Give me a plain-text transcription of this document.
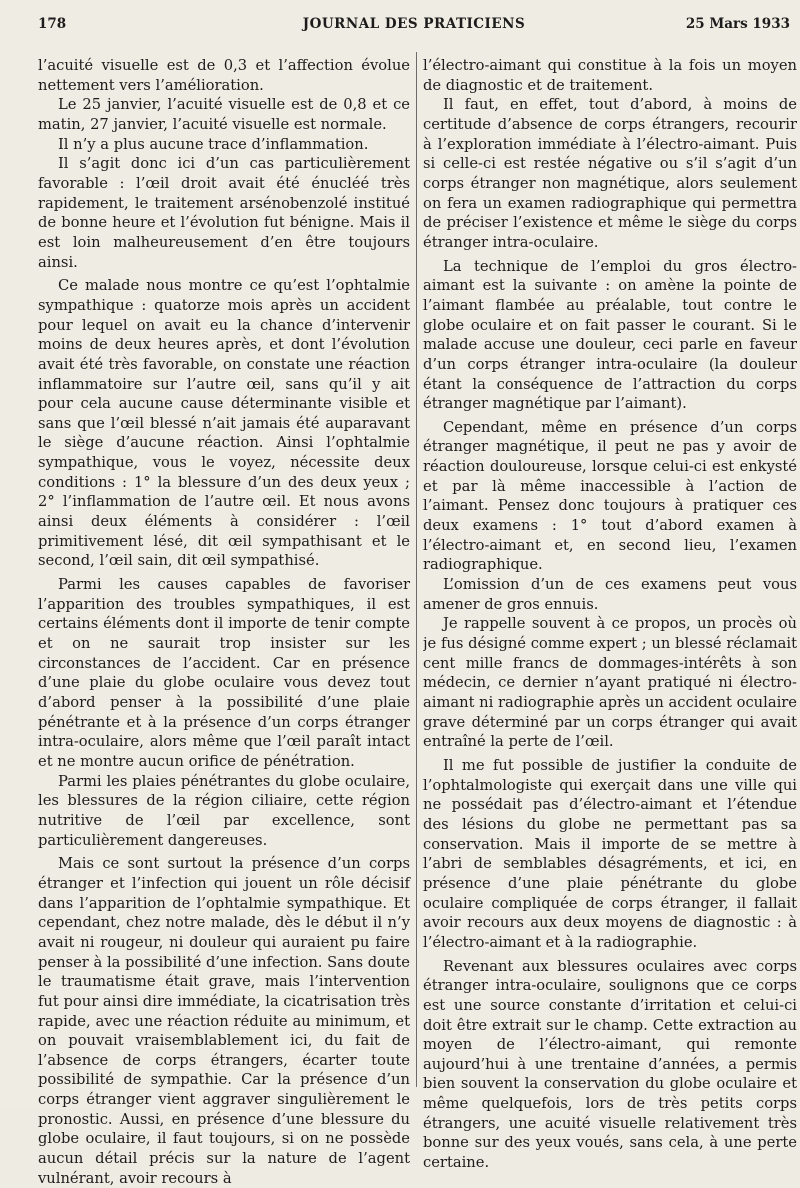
178	JOURNAL DES PRATICIENS	25 Mars 1933

l’acuité visuelle est de 0,3 et l’affection évolue nettement vers l’amélioration.

Le 25 janvier, l’acuité visuelle est de 0,8 et ce matin, 27 janvier, l’acuité visuelle est normale.

Il n’y a plus aucune trace d’inflammation.

Il s’agit donc ici d’un cas particulièrement favorable : l’œil droit avait été énucléé très rapidement, le traitement arsénobenzolé institué de bonne heure et l’évolution fut bénigne. Mais il est loin malheureusement d’en être toujours ainsi.

Ce malade nous montre ce qu’est l’ophtalmie sympathique : quatorze mois après un accident pour lequel on avait eu la chance d’intervenir moins de deux heures après, et dont l’évolution avait été très favorable, on constate une réaction inflammatoire sur l’autre œil, sans qu’il y ait pour cela aucune cause déterminante visible et sans que l’œil blessé n’ait jamais été auparavant le siège d’aucune réaction. Ainsi l’ophtalmie sympathique, vous le voyez, nécessite deux conditions : 1° la blessure d’un des deux yeux ; 2° l’inflammation de l’autre œil. Et nous avons ainsi deux éléments à considérer : l’œil primitivement lésé, dit œil sympathisant et le second, l’œil sain, dit œil sympathisé.

Parmi les causes capables de favoriser l’apparition des troubles sympathiques, il est certains éléments dont il importe de tenir compte et on ne saurait trop insister sur les circonstances de l’accident. Car en présence d’une plaie du globe oculaire vous devez tout d’abord penser à la possibilité d’une plaie pénétrante et à la présence d’un corps étranger intra-oculaire, alors même que l’œil paraît intact et ne montre aucun orifice de pénétration.

Parmi les plaies pénétrantes du globe oculaire, les blessures de la région ciliaire, cette région nutritive de l’œil par excellence, sont particulièrement dangereuses.

Mais ce sont surtout la présence d’un corps étranger et l’infection qui jouent un rôle décisif dans l’apparition de l’ophtalmie sympathique. Et cependant, chez notre malade, dès le début il n’y avait ni rougeur, ni douleur qui auraient pu faire penser à la possibilité d’une infection. Sans doute le traumatisme était grave, mais l’intervention fut pour ainsi dire immédiate, la cicatrisation très rapide, avec une réaction réduite au minimum, et on pouvait vraisemblablement ici, du fait de l’absence de corps étrangers, écarter toute possibilité de sympathie. Car la présence d’un corps étranger vient aggraver singulièrement le pronostic. Aussi, en présence d’une blessure du globe oculaire, il faut toujours, si on ne possède aucun détail précis sur la nature de l’agent vulnérant, avoir recours à

l’électro-aimant qui constitue à la fois un moyen de diagnostic et de traitement.

Il faut, en effet, tout d’abord, à moins de certitude d’absence de corps étrangers, recourir à l’exploration immédiate à l’électro-aimant. Puis si celle-ci est restée négative ou s’il s’agit d’un corps étranger non magnétique, alors seulement on fera un examen radiographique qui permettra de préciser l’existence et même le siège du corps étranger intra-oculaire.

La technique de l’emploi du gros électro-aimant est la suivante : on amène la pointe de l’aimant flambée au préalable, tout contre le globe oculaire et on fait passer le courant. Si le malade accuse une douleur, ceci parle en faveur d’un corps étranger intra-oculaire (la douleur étant la conséquence de l’attraction du corps étranger magnétique par l’aimant).

Cependant, même en présence d’un corps étranger magnétique, il peut ne pas y avoir de réaction douloureuse, lorsque celui-ci est enkysté et par là même inaccessible à l’action de l’aimant. Pensez donc toujours à pratiquer ces deux examens : 1° tout d’abord examen à l’électro-aimant et, en second lieu, l’examen radiographique.

L’omission d’un de ces examens peut vous amener de gros ennuis.

Je rappelle souvent à ce propos, un procès où je fus désigné comme expert ; un blessé réclamait cent mille francs de dommages-intérêts à son médecin, ce dernier n’ayant pratiqué ni électro-aimant ni radiographie après un accident oculaire grave déterminé par un corps étranger qui avait entraîné la perte de l’œil.

Il me fut possible de justifier la conduite de l’ophtalmologiste qui exerçait dans une ville qui ne possédait pas d’électro-aimant et l’étendue des lésions du globe ne permettant pas sa conservation. Mais il importe de se mettre à l’abri de semblables désagréments, et ici, en présence d’une plaie pénétrante du globe oculaire compliquée de corps étranger, il fallait avoir recours aux deux moyens de diagnostic : à l’électro-aimant et à la radiographie.

Revenant aux blessures oculaires avec corps étranger intra-oculaire, soulignons que ce corps est une source constante d’irritation et celui-ci doit être extrait sur le champ. Cette extraction au moyen de l’électro-aimant, qui remonte aujourd’hui à une trentaine d’années, a permis bien souvent la conservation du globe oculaire et même quelquefois, lors de très petits corps étrangers, une acuité visuelle relativement très bonne sur des yeux voués, sans cela, à une perte certaine.
